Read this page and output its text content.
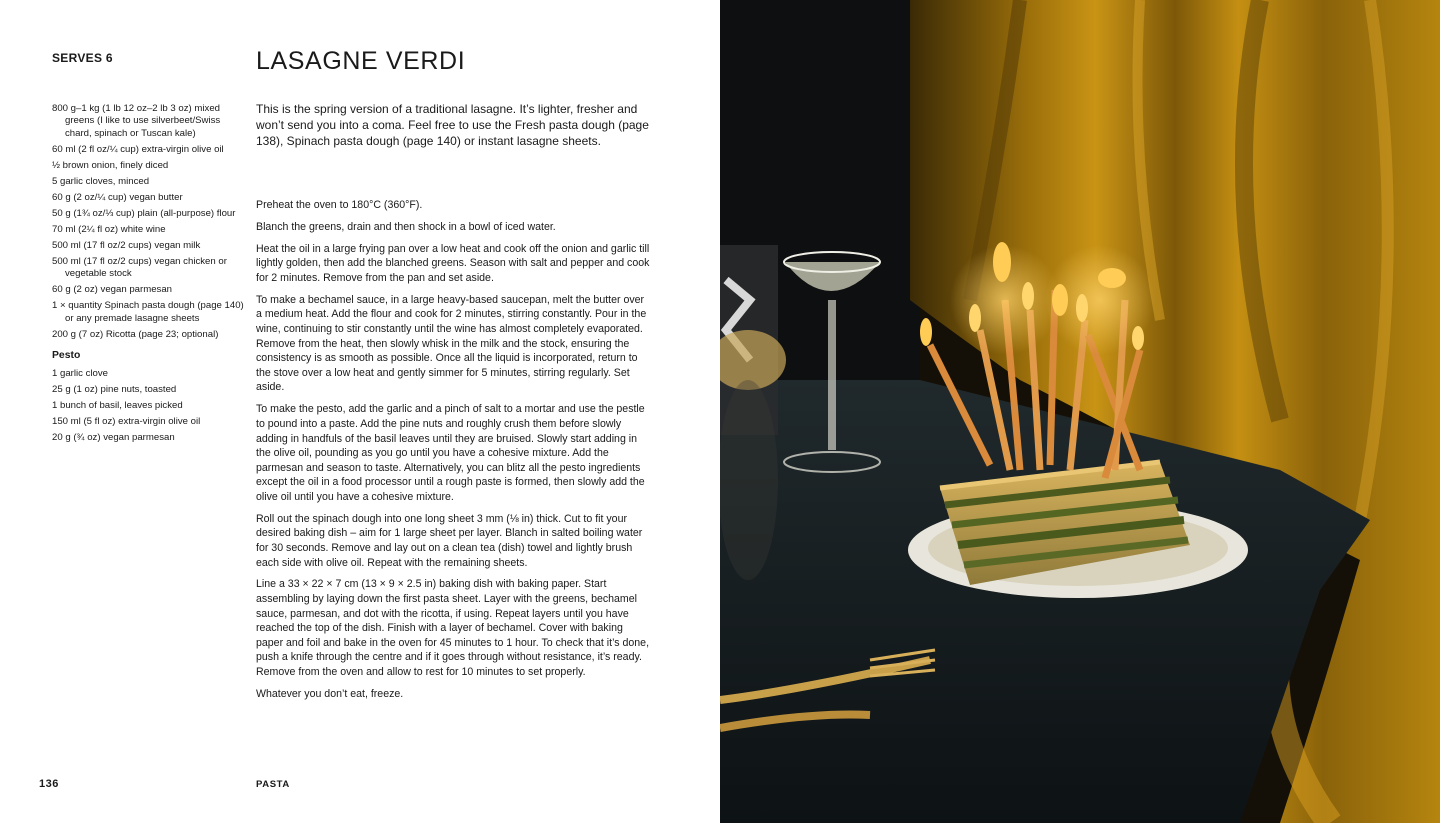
SERVES 6	LASAGNE VERDI
800 g–1 kg (1 lb 12 oz–2 lb 3 oz) mixed greens (I like to use silverbeet/Swiss chard, spinach or Tuscan kale)
60 ml (2 fl oz/¼ cup) extra-virgin olive oil
½ brown onion, finely diced
5 garlic cloves, minced
60 g (2 oz/¼ cup) vegan butter
50 g (1¾ oz/⅓ cup) plain (all-purpose) flour
70 ml (2¼ fl oz) white wine
500 ml (17 fl oz/2 cups) vegan milk
500 ml (17 fl oz/2 cups) vegan chicken or vegetable stock
60 g (2 oz) vegan parmesan
1 × quantity Spinach pasta dough (page 140) or any premade lasagne sheets
200 g (7 oz) Ricotta (page 23; optional)
Pesto
1 garlic clove
25 g (1 oz) pine nuts, toasted
1 bunch of basil, leaves picked
150 ml (5 fl oz) extra-virgin olive oil
20 g (¾ oz) vegan parmesan

This is the spring version of a traditional lasagne. It’s lighter, fresher and won’t send you into a coma. Feel free to use the Fresh pasta dough (page 138), Spinach pasta dough (page 140) or instant lasagne sheets.

Preheat the oven to 180°C (360°F).

Blanch the greens, drain and then shock in a bowl of iced water.

Heat the oil in a large frying pan over a low heat and cook off the onion and garlic till lightly golden, then add the blanched greens. Season with salt and pepper and cook for 2 minutes. Remove from the pan and set aside.

To make a bechamel sauce, in a large heavy-based saucepan, melt the butter over a medium heat. Add the flour and cook for 2 minutes, stirring constantly. Pour in the wine, continuing to stir constantly until the wine has almost completely evaporated. Remove from the heat, then slowly whisk in the milk and the stock, ensuring the consistency is as smooth as possible. Once all the liquid is incorporated, return to the stove over a low heat and gently simmer for 5 minutes, stirring regularly. Set aside.

To make the pesto, add the garlic and a pinch of salt to a mortar and use the pestle to pound into a paste. Add the pine nuts and roughly crush them before slowly adding in handfuls of the basil leaves until they are bruised. Slowly start adding in the olive oil, pounding as you go until you have a cohesive mixture. Add the parmesan and season to taste. Alternatively, you can blitz all the pesto ingredients except the oil in a food processor until a rough paste is formed, then slowly add the olive oil until you have a cohesive mixture.

Roll out the spinach dough into one long sheet 3 mm (⅛ in) thick. Cut to fit your desired baking dish – aim for 1 large sheet per layer. Blanch in salted boiling water for 30 seconds. Remove and lay out on a clean tea (dish) towel and lightly brush each side with olive oil. Repeat with the remaining sheets.

Line a 33 × 22 × 7 cm (13 × 9 × 2.5 in) baking dish with baking paper. Start assembling by laying down the first pasta sheet. Layer with the greens, bechamel sauce, parmesan, and dot with the ricotta, if using. Repeat layers until you have reached the top of the dish. Finish with a layer of bechamel. Cover with baking paper and foil and bake in the oven for 45 minutes to 1 hour. To check that it’s done, push a knife through the centre and if it goes through without resistance, it’s ready. Remove from the oven and allow to rest for 10 minutes to set properly.

Whatever you don’t eat, freeze.

136	PASTA
